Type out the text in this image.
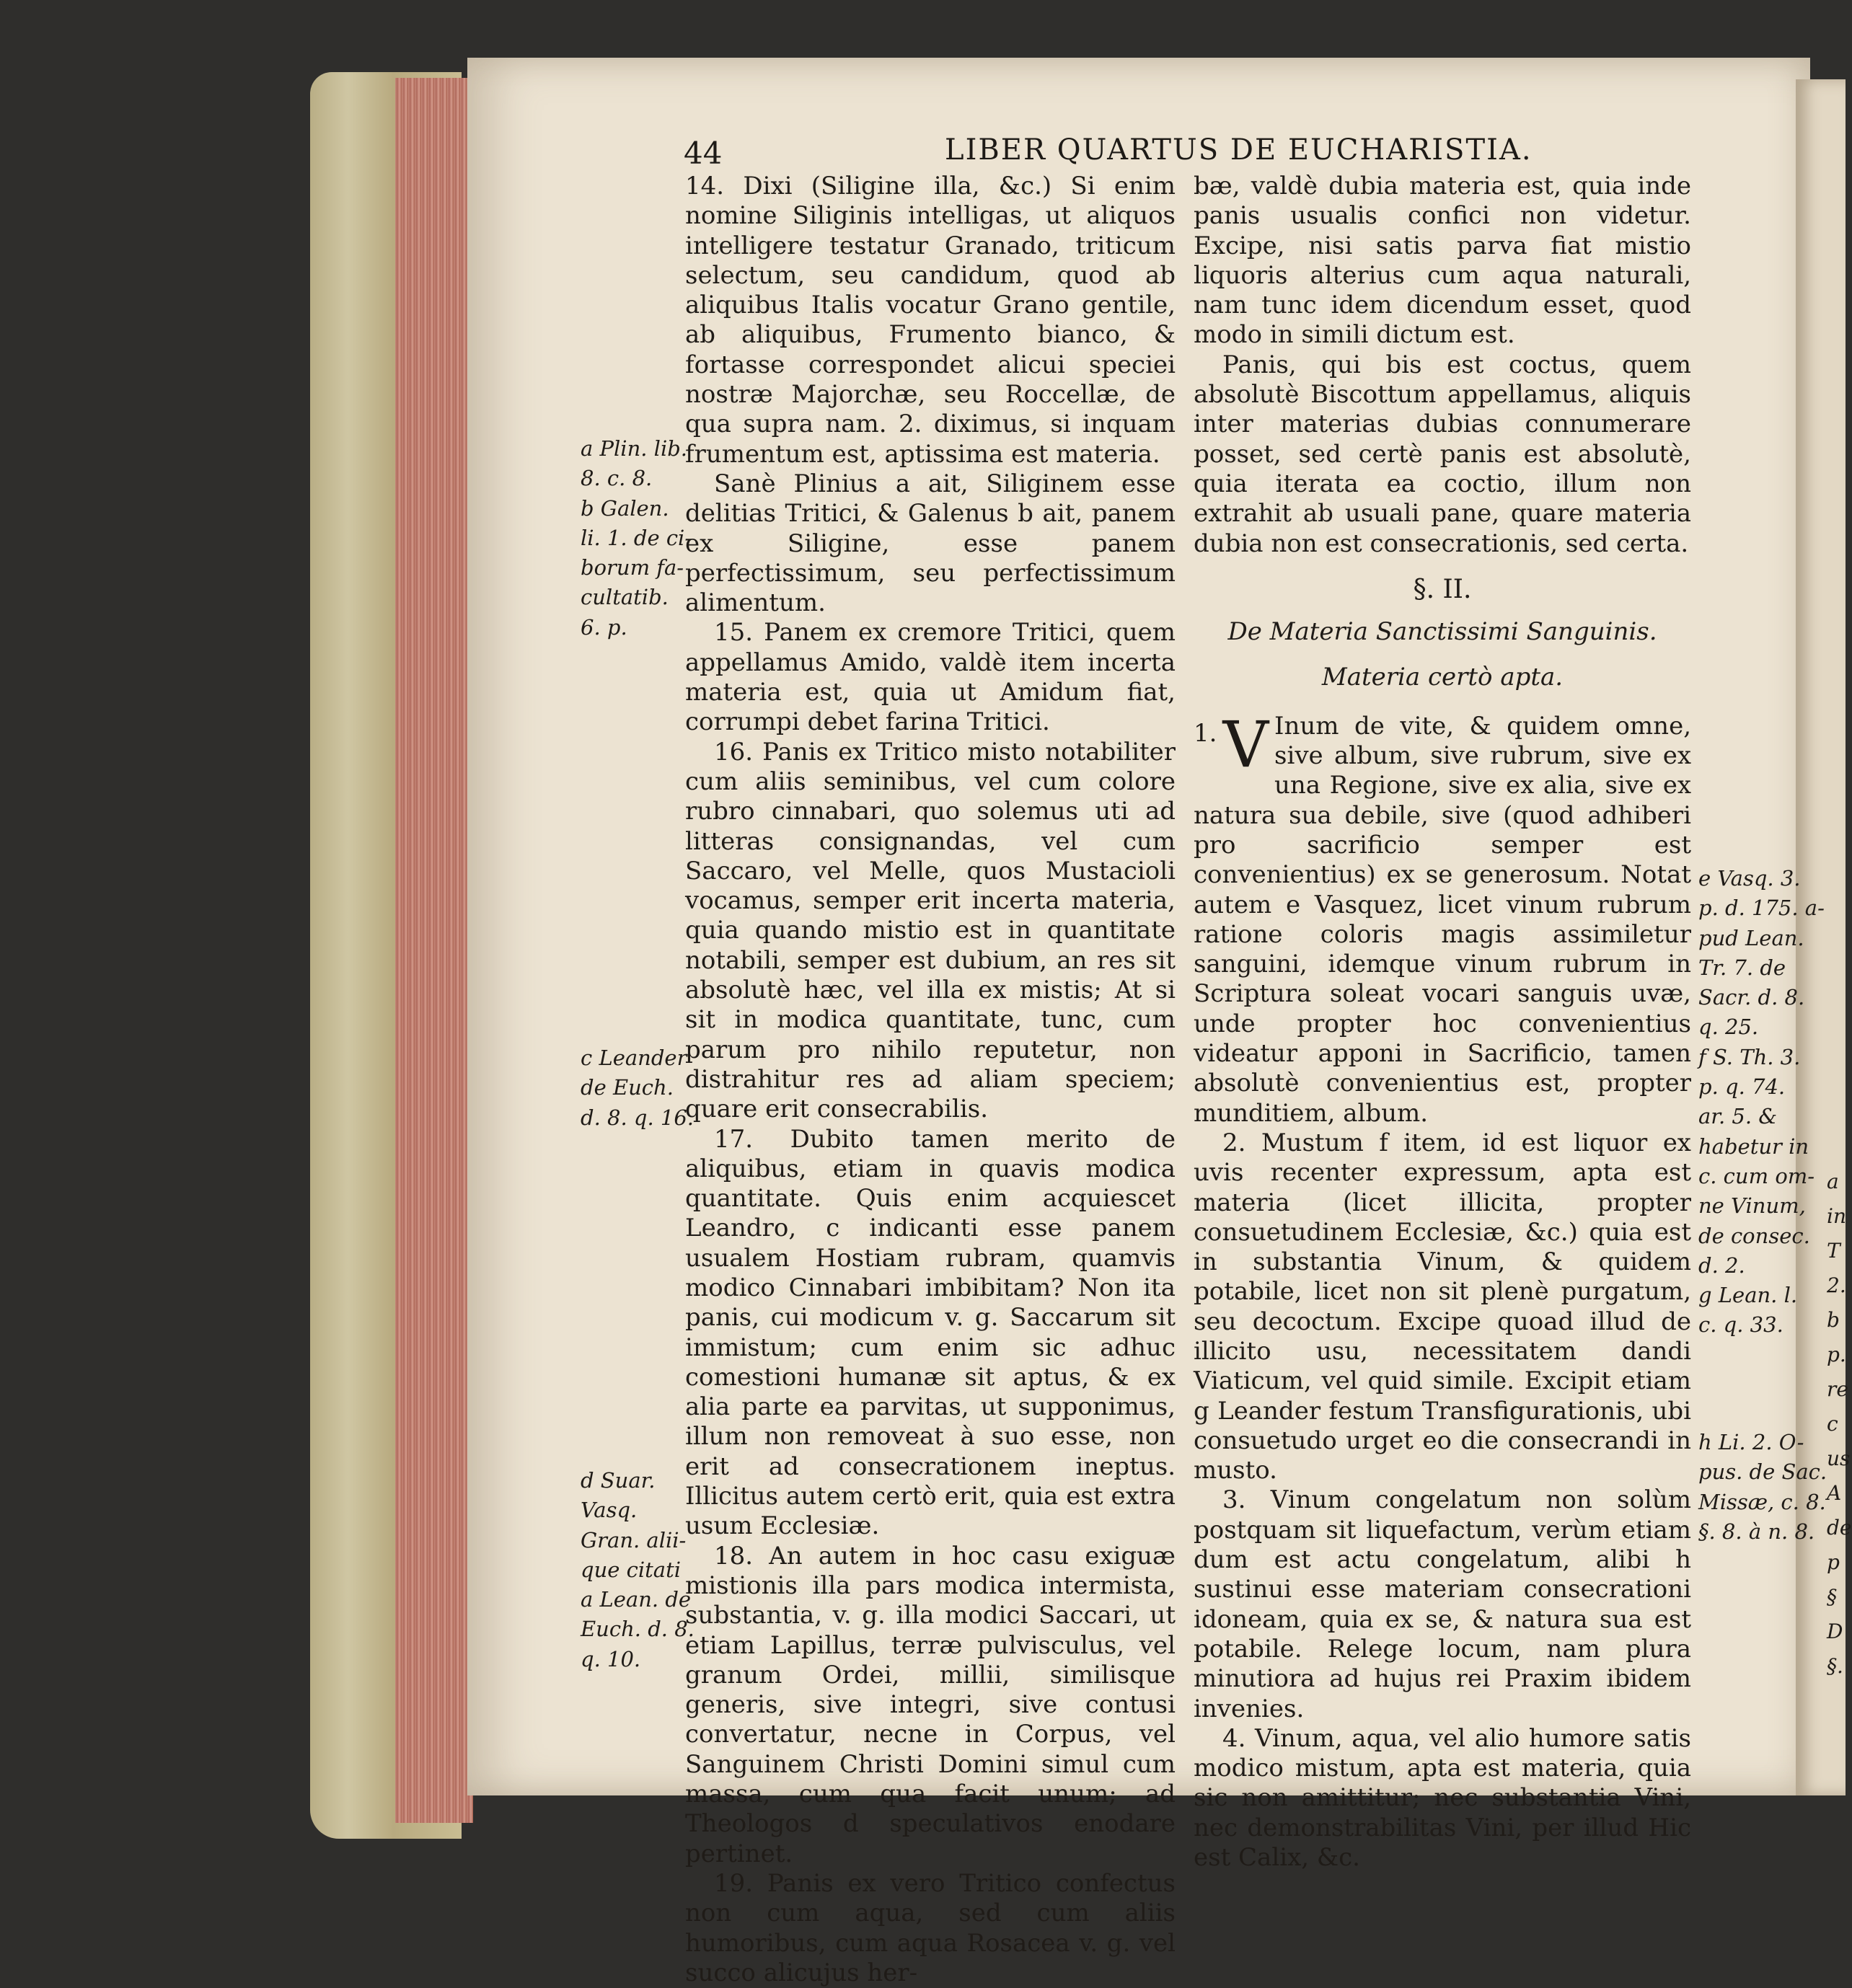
44	LIBER QUARTUS DE EUCHARISTIA.

14. Dixi (Siligine illa, &c.) Si enim nomine Siliginis intelligas, ut aliquos intelligere testatur Granado, triticum selectum, seu candidum, quod ab aliquibus Italis vocatur Grano gentile, ab aliquibus, Frumento bianco, & fortasse correspondet alicui speciei nostræ Majorchæ, seu Roccellæ, de qua supra nam. 2. diximus, si inquam frumentum est, aptissima est materia.

Sanè Plinius a ait, Siliginem esse delitias Tritici, & Galenus b ait, panem ex Siligine, esse panem perfectissimum, seu perfectissimum alimentum.

15. Panem ex cremore Tritici, quem appellamus Amido, valdè item incerta materia est, quia ut Amidum fiat, corrumpi debet farina Tritici.

16. Panis ex Tritico misto notabiliter cum aliis seminibus, vel cum colore rubro cinnabari, quo solemus uti ad litteras consignandas, vel cum Saccaro, vel Melle, quos Mustacioli vocamus, semper erit incerta materia, quia quando mistio est in quantitate notabili, semper est dubium, an res sit absolutè hæc, vel illa ex mistis; At si sit in modica quantitate, tunc, cum parum pro nihilo reputetur, non distrahitur res ad aliam speciem; quare erit consecrabilis.

17. Dubito tamen merito de aliquibus, etiam in quavis modica quantitate. Quis enim acquiescet Leandro, c indicanti esse panem usualem Hostiam rubram, quamvis modico Cinnabari imbibitam? Non ita panis, cui modicum v. g. Saccarum sit immistum; cum enim sic adhuc comestioni humanæ sit aptus, & ex alia parte ea parvitas, ut supponimus, illum non removeat à suo esse, non erit ad consecrationem ineptus. Illicitus autem certò erit, quia est extra usum Ecclesiæ.

18. An autem in hoc casu exiguæ mistionis illa pars modica intermista, substantia, v. g. illa modici Saccari, ut etiam Lapillus, terræ pulvisculus, vel granum Ordei, millii, similisque generis, sive integri, sive contusi convertatur, necne in Corpus, vel Sanguinem Christi Domini simul cum massa, cum qua facit unum; ad Theologos d speculativos enodare pertinet.

19. Panis ex vero Tritico confectus non cum aqua, sed cum aliis humoribus, cum aqua Rosacea v. g. vel succo alicujus her-

a Plin. lib.
8. c. 8.
b Galen.
li. 1. de ci-
borum fa-
cultatib.
6. p.
c Leander
de Euch.
d. 8. q. 16.
d Suar.
Vasq.
Gran. alii-
que citati
a Lean. de
Euch. d. 8.
q. 10.

bæ, valdè dubia materia est, quia inde panis usualis confici non videtur. Excipe, nisi satis parva fiat mistio liquoris alterius cum aqua naturali, nam tunc idem dicendum esset, quod modo in simili dictum est.

Panis, qui bis est coctus, quem absolutè Biscottum appellamus, aliquis inter materias dubias connumerare posset, sed certè panis est absolutè, quia iterata ea coctio, illum non extrahit ab usuali pane, quare materia dubia non est consecrationis, sed certa.

§. II.
De Materia Sanctissimi Sanguinis.
Materia certò apta.

1. V Inum de vite, & quidem omne, sive album, sive rubrum, sive ex una Regione, sive ex alia, sive ex natura sua debile, sive (quod adhiberi pro sacrificio semper est convenientius) ex se generosum. Notat autem e Vasquez, licet vinum rubrum ratione coloris magis assimiletur sanguini, idemque vinum rubrum in Scriptura soleat vocari sanguis uvæ, unde propter hoc convenientius videatur apponi in Sacrificio, tamen absolutè convenientius est, propter munditiem, album.

2. Mustum f item, id est liquor ex uvis recenter expressum, apta est materia (licet illicita, propter consuetudinem Ecclesiæ, &c.) quia est in substantia Vinum, & quidem potabile, licet non sit plenè purgatum, seu decoctum. Excipe quoad illud de illicito usu, necessitatem dandi Viaticum, vel quid simile. Excipit etiam g Leander festum Transfigurationis, ubi consuetudo urget eo die consecrandi in musto.

3. Vinum congelatum non solùm postquam sit liquefactum, verùm etiam dum est actu congelatum, alibi h sustinui esse materiam consecrationi idoneam, quia ex se, & natura sua est potabile. Relege locum, nam plura minutiora ad hujus rei Praxim ibidem invenies.

4. Vinum, aqua, vel alio humore satis modico mistum, apta est materia, quia sic non amittitur; nec substantia Vini, nec demonstrabilitas Vini, per illud Hic est Calix, &c.

e Vasq. 3.
p. d. 175. a-
pud Lean.
Tr. 7. de
Sacr. d. 8.
q. 25.
f S. Th. 3.
p. q. 74.
ar. 5. &
habetur in
c. cum om-
ne Vinum,
de consec.
d. 2.
g Lean. l.
c. q. 33.
h Li. 2. O-
pus. de Sac.
Missæ, c. 8.
§. 8. à n. 8.
a
in
T
2.
b
p.
re
c
us
A
de
p
§
D
§.
